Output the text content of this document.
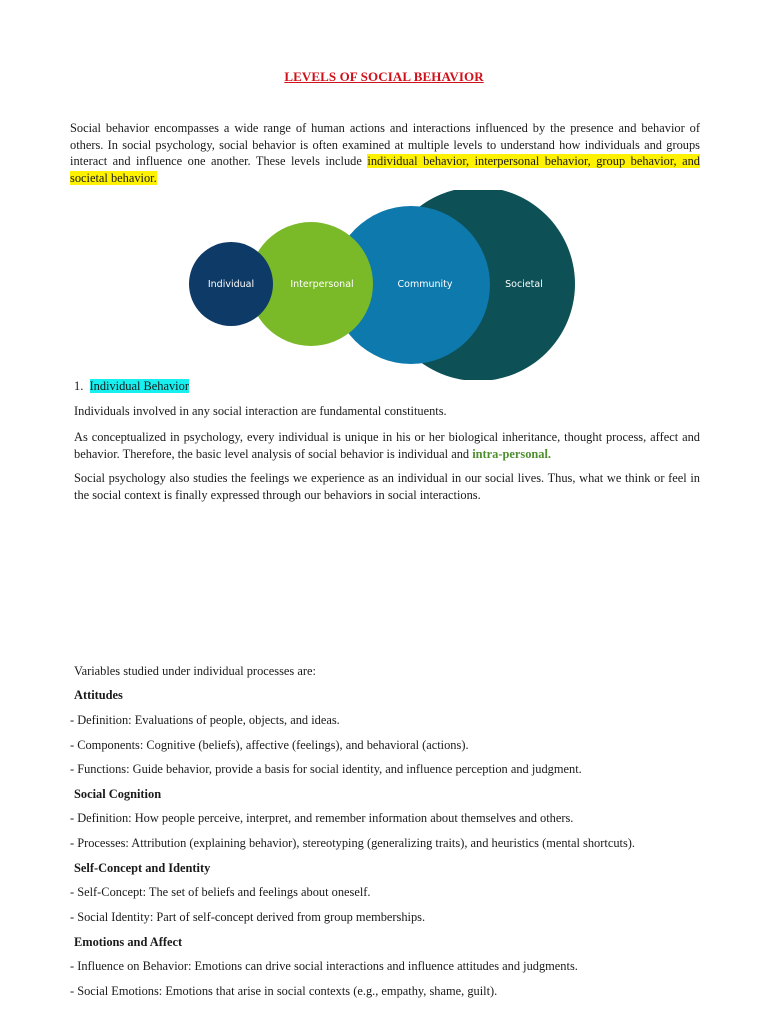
LEVELS OF SOCIAL BEHAVIOR
Social behavior encompasses a wide range of human actions and interactions influenced by the presence and behavior of others. In social psychology, social behavior is often examined at multiple levels to understand how individuals and groups interact and influence one another. These levels include individual behavior, interpersonal behavior, group behavior, and societal behavior.
Individual	Interpersonal	Community	Societal
1. Individual Behavior
Individuals involved in any social interaction are fundamental constituents.
As conceptualized in psychology, every individual is unique in his or her biological inheritance, thought process, affect and behavior. Therefore, the basic level analysis of social behavior is individual and intra-personal.
Social psychology also studies the feelings we experience as an individual in our social lives. Thus, what we think or feel in the social context is finally expressed through our behaviors in social interactions.
Variables studied under individual processes are:
Attitudes
- Definition: Evaluations of people, objects, and ideas.
- Components: Cognitive (beliefs), affective (feelings), and behavioral (actions).
- Functions: Guide behavior, provide a basis for social identity, and influence perception and judgment.
Social Cognition
- Definition: How people perceive, interpret, and remember information about themselves and others.
- Processes: Attribution (explaining behavior), stereotyping (generalizing traits), and heuristics (mental shortcuts).
Self-Concept and Identity
- Self-Concept: The set of beliefs and feelings about oneself.
- Social Identity: Part of self-concept derived from group memberships.
Emotions and Affect
- Influence on Behavior: Emotions can drive social interactions and influence attitudes and judgments.
- Social Emotions: Emotions that arise in social contexts (e.g., empathy, shame, guilt).
